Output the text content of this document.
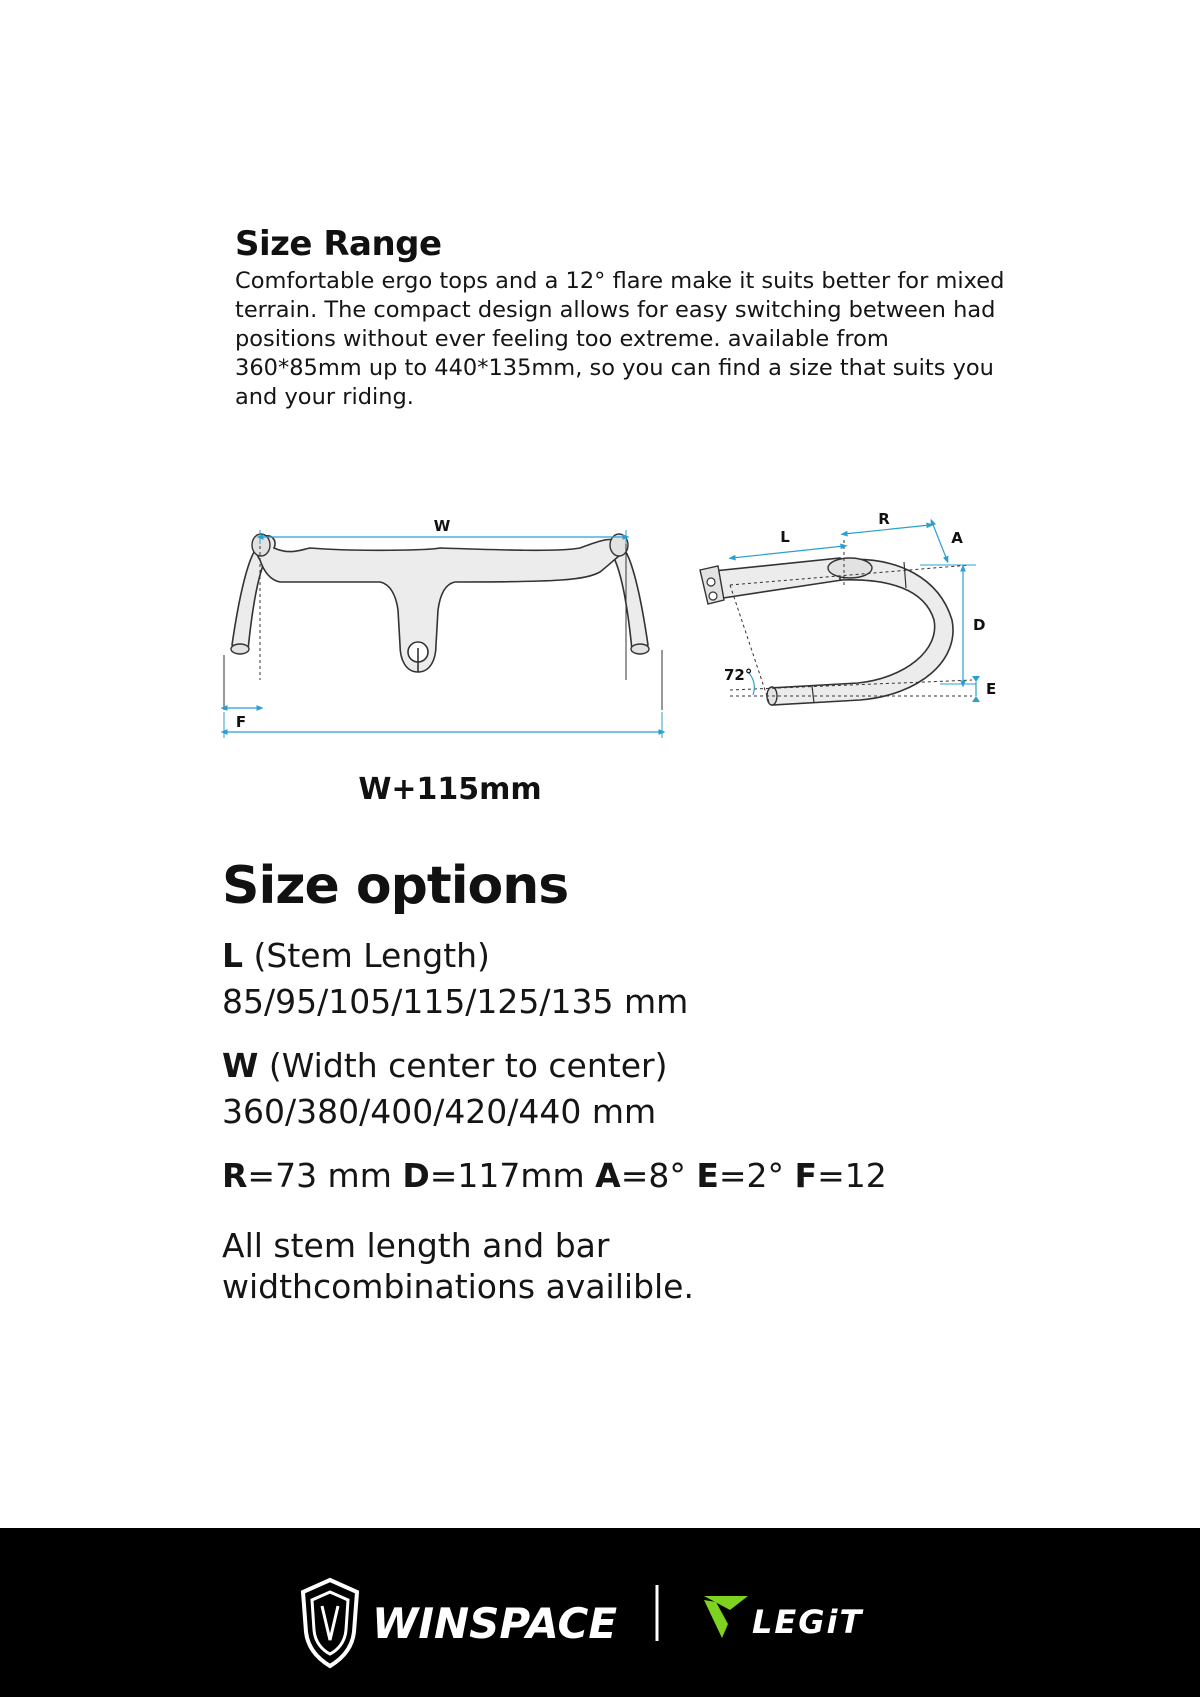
Size Range

Comfortable ergo tops and a 12° flare make it suits better for mixed terrain. The compact design allows for easy switching between had positions without ever feeling too extreme. available from 360*85mm up to 440*135mm, so you can find a size that suits you and your riding.

W
F
L
R
A
D
E
72°
W+115mm
Size options
L (Stem Length)
85/95/105/115/125/135 mm
W (Width center to center)
360/380/400/420/440 mm
R=73 mm D=117mm A=8° E=2° F=12
All stem length and bar widthcombinations availible.
WINSPACE	LEGiT
